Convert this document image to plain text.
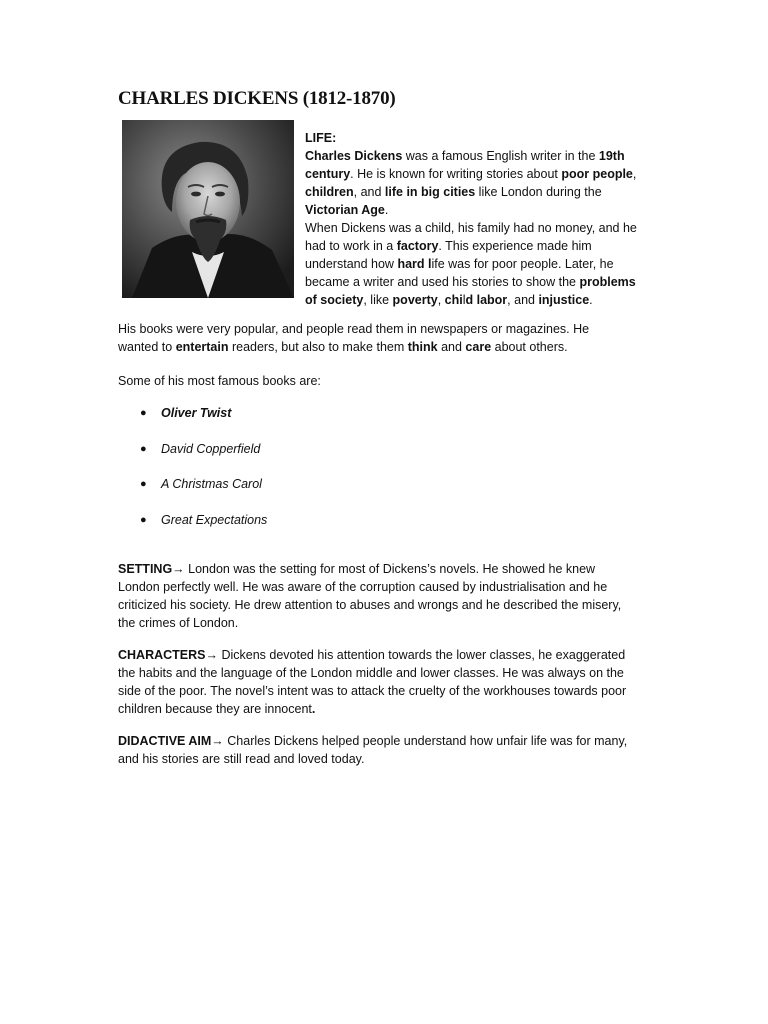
CHARLES DICKENS (1812-1870)
LIFE:
Charles Dickens was a famous English writer in the 19th
century. He is known for writing stories about poor people,
children, and life in big cities like London during the
Victorian Age.
When Dickens was a child, his family had no money, and he
had to work in a factory. This experience made him
understand how hard life was for poor people. Later, he
became a writer and used his stories to show the problems
of society, like poverty, child labor, and injustice.
His books were very popular, and people read them in newspapers or magazines. He
wanted to entertain readers, but also to make them think and care about others.

Some of his most famous books are:

●	Oliver Twist
●	David Copperfield
●	A Christmas Carol
●	Great Expectations
SETTING→ London was the setting for most of Dickens’s novels. He showed he knew
London perfectly well. He was aware of the corruption caused by industrialisation and he
criticized his society. He drew attention to abuses and wrongs and he described the misery,
the crimes of London.
CHARACTERS→ Dickens devoted his attention towards the lower classes, he exaggerated
the habits and the language of the London middle and lower classes. He was always on the
side of the poor. The novel’s intent was to attack the cruelty of the workhouses towards poor
children because they are innocent.
DIDACTIVE AIM→ Charles Dickens helped people understand how unfair life was for many,
and his stories are still read and loved today.
